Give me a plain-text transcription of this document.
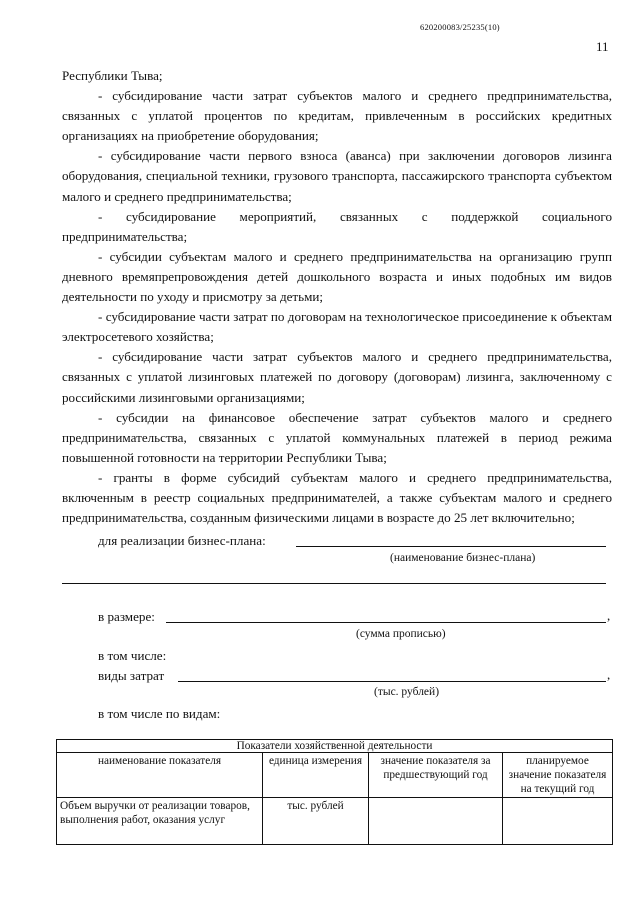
620200083/25235(10)
11

Республики Тыва;

- субсидирование части затрат субъектов малого и среднего предпринимательства, связанных с уплатой процентов по кредитам, привлеченным в российских кредитных организациях на приобретение оборудования;

- субсидирование части первого взноса (аванса) при заключении договоров лизинга оборудования, специальной техники, грузового транспорта, пассажирского транспорта субъектом малого и среднего предпринимательства;

- субсидирование мероприятий, связанных с поддержкой социального предпринимательства;

- субсидии субъектам малого и среднего предпринимательства на организацию групп дневного времяпрепровождения детей дошкольного возраста и иных подобных им видов деятельности по уходу и присмотру за детьми;

- субсидирование части затрат по договорам на технологическое присоединение к объектам электросетевого хозяйства;

- субсидирование части затрат субъектов малого и среднего предпринимательства, связанных с уплатой лизинговых платежей по договору (договорам) лизинга, заключенному с российскими лизинговыми организациями;

- субсидии на финансовое обеспечение затрат субъектов малого и среднего предпринимательства, связанных с уплатой коммунальных платежей в период режима повышенной готовности на территории Республики Тыва;

- гранты в форме субсидий субъектам малого и среднего предпринимательства, включенным в реестр социальных предпринимателей, а также субъектам малого и среднего предпринимательства, созданным физическими лицами в возрасте до 25 лет включительно;

для реализации бизнес-плана:
(наименование бизнес-плана)
в размере:	,
(сумма прописью)
в том числе:
виды затрат	,
(тыс. рублей)
в том числе по видам:
Показатели хозяйственной деятельности			
наименование показателя	единица измерения	значение показателя за предшествующий год	планируемое значение показателя на текущий год
Объем выручки от реализации товаров, выполнения работ, оказания услуг	тыс. рублей		
